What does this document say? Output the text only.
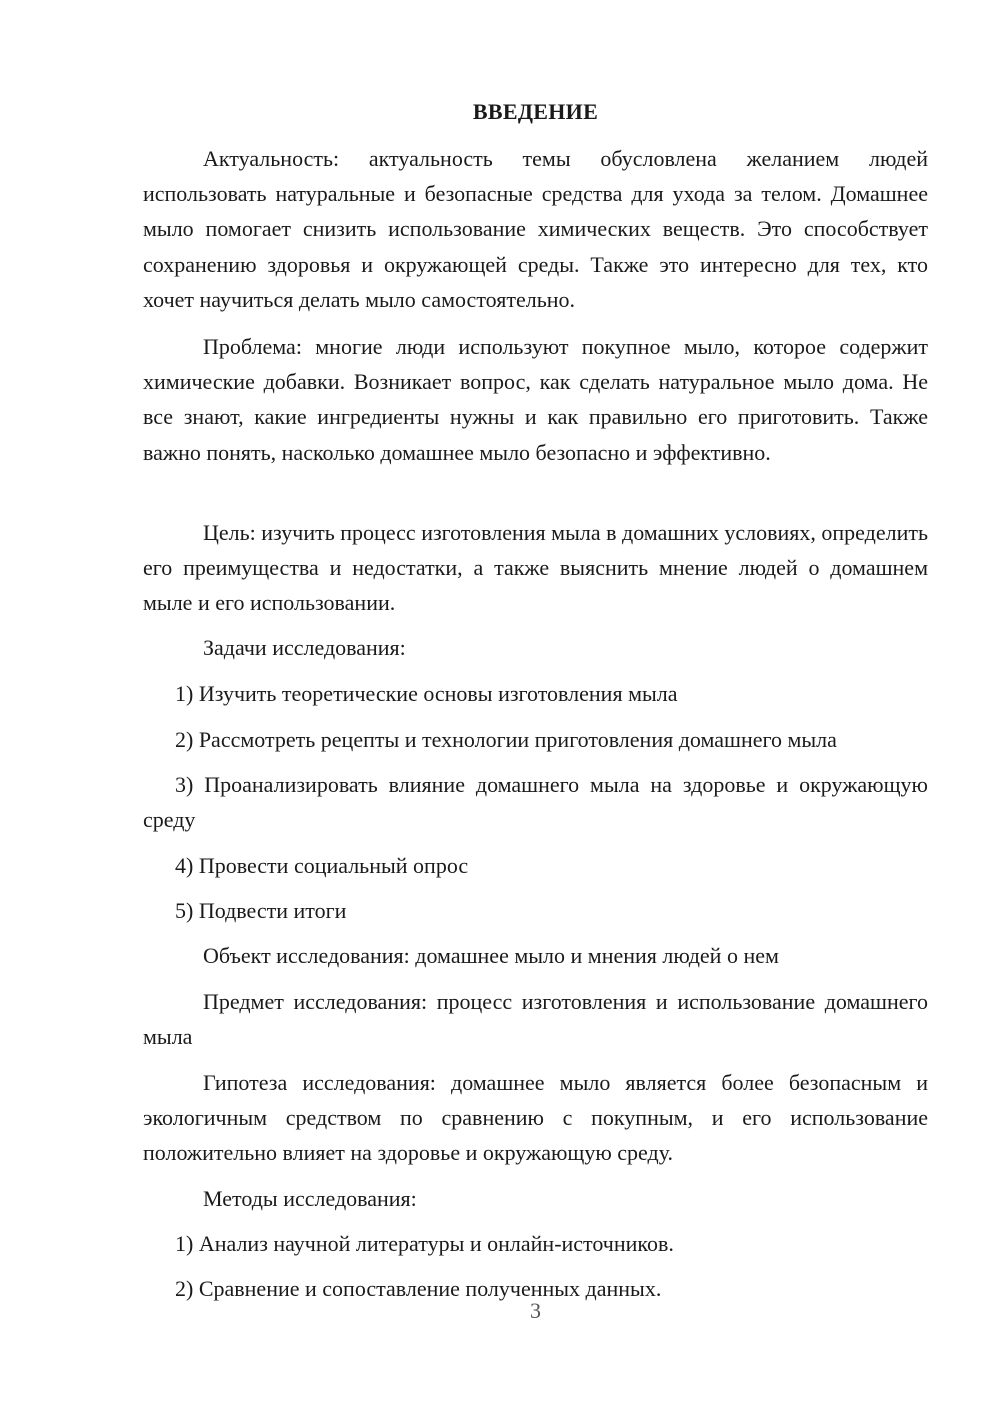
ВВЕДЕНИЕ

Актуальность: актуальность темы обусловлена желанием людей использовать натуральные и безопасные средства для ухода за телом. Домашнее мыло помогает снизить использование химических веществ. Это способствует сохранению здоровья и окружающей среды. Также это интересно для тех, кто хочет научиться делать мыло самостоятельно.

Проблема: многие люди используют покупное мыло, которое содержит химические добавки. Возникает вопрос, как сделать натуральное мыло дома. Не все знают, какие ингредиенты нужны и как правильно его приготовить. Также важно понять, насколько домашнее мыло безопасно и эффективно.

Цель: изучить процесс изготовления мыла в домашних условиях, определить его преимущества и недостатки, а также выяснить мнение людей о домашнем мыле и его использовании.

Задачи исследования:

1) Изучить теоретические основы изготовления мыла

2) Рассмотреть рецепты и технологии приготовления домашнего мыла

3) Проанализировать влияние домашнего мыла на здоровье и окружающую среду

4) Провести социальный опрос

5) Подвести итоги

Объект исследования: домашнее мыло и мнения людей о нем

Предмет исследования: процесс изготовления и использование домашнего мыла

Гипотеза исследования: домашнее мыло является более безопасным и экологичным средством по сравнению с покупным, и его использование положительно влияет на здоровье и окружающую среду.

Методы исследования:

1) Анализ научной литературы и онлайн-источников.

2) Сравнение и сопоставление полученных данных.

3
